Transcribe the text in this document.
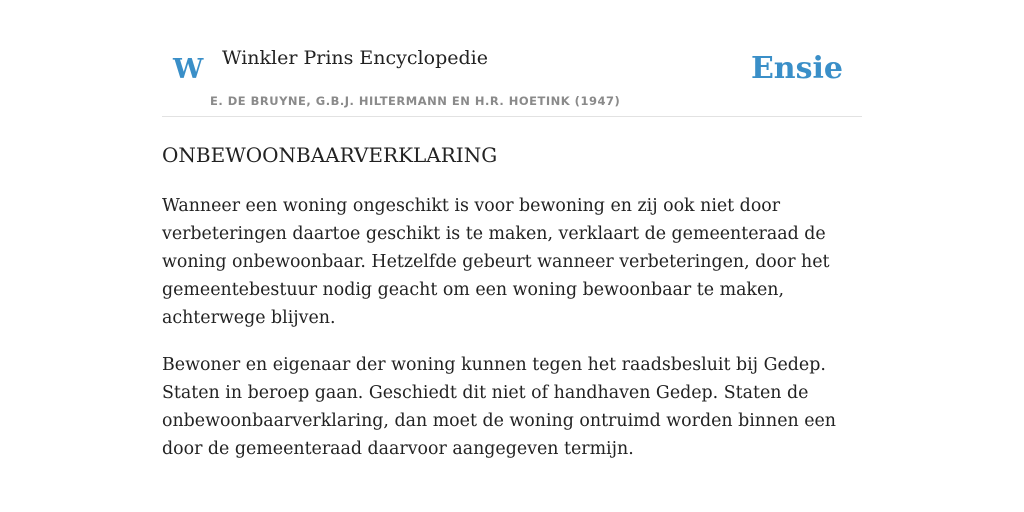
W Winkler Prins Encyclopedie
E. DE BRUYNE, G.B.J. HILTERMANN EN H.R. HOETINK (1947)
Ensie
ONBEWOONBAARVERKLARING

Wanneer een woning ongeschikt is voor bewoning en zij ook niet door verbeteringen daartoe geschikt is te maken, verklaart de gemeenteraad de woning onbewoonbaar. Hetzelfde gebeurt wanneer verbeteringen, door het gemeentebestuur nodig geacht om een woning bewoonbaar te maken, achterwege blijven.

Bewoner en eigenaar der woning kunnen tegen het raadsbesluit bij Gedep. Staten in beroep gaan. Geschiedt dit niet of handhaven Gedep. Staten de onbewoonbaarverklaring, dan moet de woning ontruimd worden binnen een door de gemeenteraad daarvoor aangegeven termijn.
